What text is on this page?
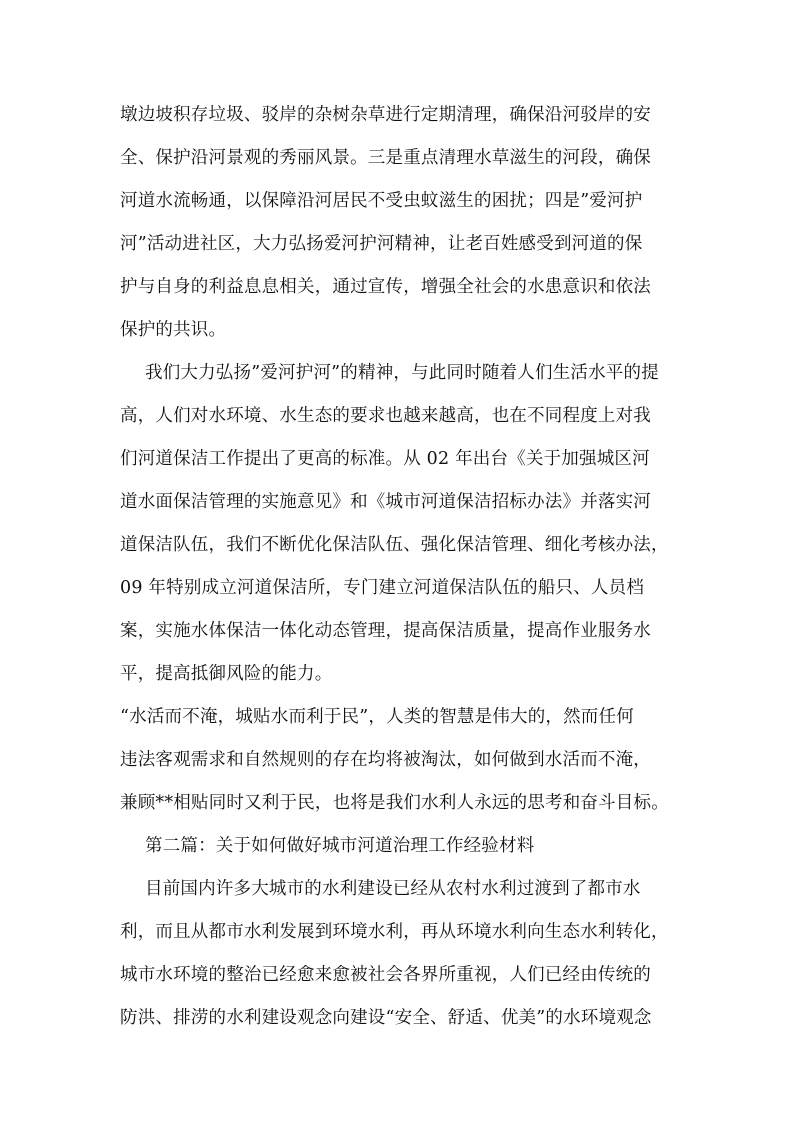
墩边坡积存垃圾、驳岸的杂树杂草进行定期清理，确保沿河驳岸的安
全、保护沿河景观的秀丽风景。三是重点清理水草滋生的河段，确保
河道水流畅通，以保障沿河居民不受虫蚊滋生的困扰；四是”爱河护
河”活动进社区，大力弘扬爱河护河精神，让老百姓感受到河道的保
护与自身的利益息息相关，通过宣传，增强全社会的水患意识和依法
保护的共识。
我们大力弘扬”爱河护河”的精神，与此同时随着人们生活水平的提
高，人们对水环境、水生态的要求也越来越高，也在不同程度上对我
们河道保洁工作提出了更高的标准。从 02 年出台《关于加强城区河
道水面保洁管理的实施意见》和《城市河道保洁招标办法》并落实河
道保洁队伍，我们不断优化保洁队伍、强化保洁管理、细化考核办法，
09 年特别成立河道保洁所，专门建立河道保洁队伍的船只、人员档
案，实施水体保洁一体化动态管理，提高保洁质量，提高作业服务水
平，提高抵御风险的能力。
“水活而不淹，城贴水而利于民”，人类的智慧是伟大的，然而任何
违法客观需求和自然规则的存在均将被淘汰，如何做到水活而不淹，
兼顾**相贴同时又利于民，也将是我们水利人永远的思考和奋斗目标。
第二篇：关于如何做好城市河道治理工作经验材料
目前国内许多大城市的水利建设已经从农村水利过渡到了都市水
利，而且从都市水利发展到环境水利，再从环境水利向生态水利转化，
城市水环境的整治已经愈来愈被社会各界所重视，人们已经由传统的
防洪、排涝的水利建设观念向建设“安全、舒适、优美”的水环境观念
